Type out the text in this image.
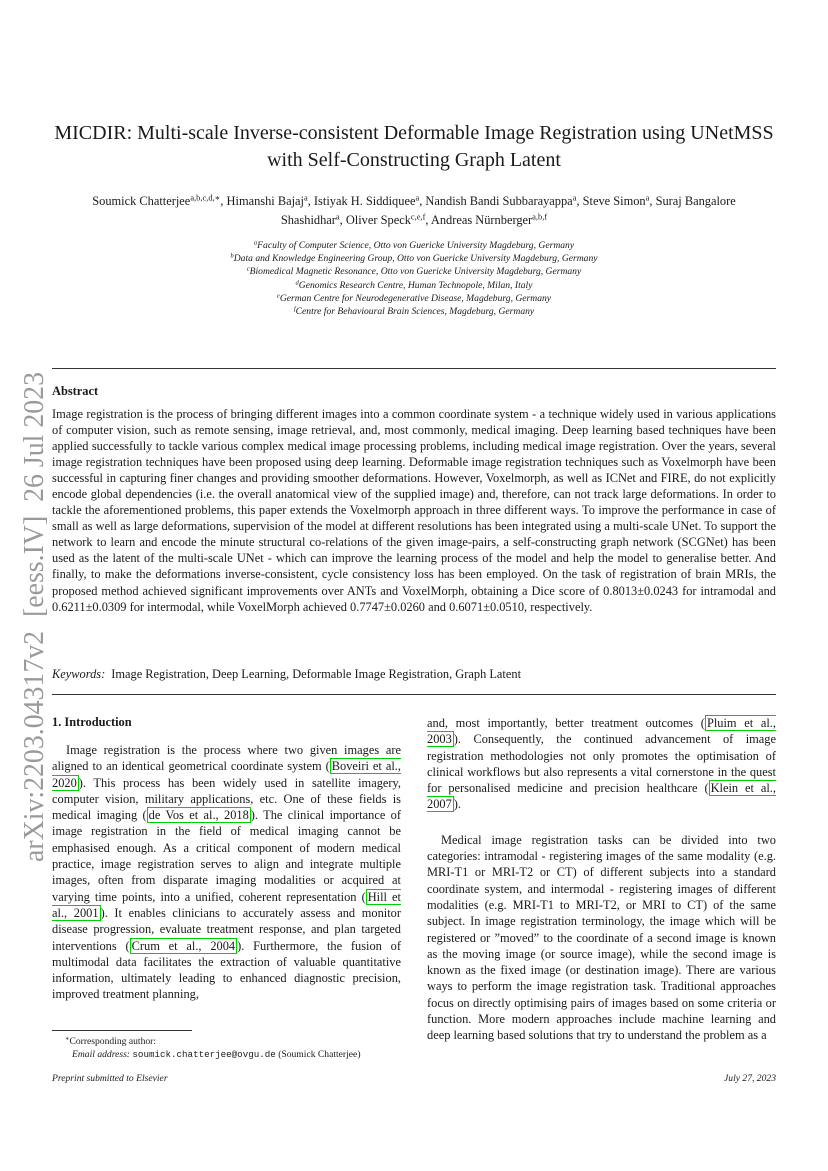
MICDIR: Multi-scale Inverse-consistent Deformable Image Registration using UNetMSS
with Self-Constructing Graph Latent
Soumick Chatterjee$^{a,b,c,d,∗}$, Himanshi Bajaj$^a$, Istiyak H. Siddiquee$^a$, Nandish Bandi Subbarayappa$^a$, Steve Simon$^a$, Suraj Bangalore
Shashidhar$^a$, Oliver Speck$^{c,e,f}$, Andreas Nürnberger$^{a,b,f}$
$^a$Faculty of Computer Science, Otto von Guericke University Magdeburg, Germany
$^b$Data and Knowledge Engineering Group, Otto von Guericke University Magdeburg, Germany
$^c$Biomedical Magnetic Resonance, Otto von Guericke University Magdeburg, Germany
$^d$Genomics Research Centre, Human Technopole, Milan, Italy
$^e$German Centre for Neurodegenerative Disease, Magdeburg, Germany
$^f$Centre for Behavioural Brain Sciences, Magdeburg, Germany
arXiv:2203.04317v2  [eess.IV]  26 Jul 2023 Abstract
Image registration is the process of bringing different images into a common coordinate system - a technique widely used in various applications of computer vision, such as remote sensing, image retrieval, and, most commonly, medical imaging. Deep learning based techniques have been applied successfully to tackle various complex medical image processing problems, including medical image registration. Over the years, several image registration techniques have been proposed using deep learning. Deformable image registration techniques such as Voxelmorph have been successful in capturing finer changes and providing smoother deformations. However, Voxelmorph, as well as ICNet and FIRE, do not explicitly encode global dependencies (i.e. the overall anatomical view of the supplied image) and, therefore, can not track large deformations. In order to tackle the aforementioned problems, this paper extends the Voxelmorph approach in three different ways. To improve the performance in case of small as well as large deformations, supervision of the model at different resolutions has been integrated using a multi-scale UNet. To support the network to learn and encode the minute structural co-relations of the given image-pairs, a self-constructing graph network (SCGNet) has been used as the latent of the multi-scale UNet - which can improve the learning process of the model and help the model to generalise better. And finally, to make the deformations inverse-consistent, cycle consistency loss has been employed. On the task of registration of brain MRIs, the proposed method achieved significant improvements over ANTs and VoxelMorph, obtaining a Dice score of 0.8013±0.0243 for intramodal and 0.6211±0.0309 for intermodal, while VoxelMorph achieved 0.7747±0.0260 and 0.6071±0.0510, respectively.
Keywords: Image Registration, Deep Learning, Deformable Image Registration, Graph Latent
1. Introduction

Image registration is the process where two given images are aligned to an identical geometrical coordinate system ( Boveiri et al., 2020 ). This process has been widely used in satellite imagery, computer vision, military applications, etc. One of these fields is medical imaging ( de Vos et al., 2018 ). The clinical importance of image registration in the field of medical imaging cannot be emphasised enough. As a critical component of modern medical practice, image registration serves to align and integrate multiple images, often from disparate imaging modalities or acquired at varying time points, into a unified, coherent representation ( Hill et al., 2001 ). It enables clinicians to accurately assess and monitor disease progression, evaluate treatment response, and plan targeted interventions ( Crum et al., 2004 ). Furthermore, the fusion of multimodal data facilitates the extraction of valuable quantitative information, ultimately leading to enhanced diagnostic precision, improved treatment planning,

and, most importantly, better treatment outcomes ( Pluim et al., 2003 ). Consequently, the continued advancement of image registration methodologies not only promotes the optimisation of clinical workflows but also represents a vital cornerstone in the quest for personalised medicine and precision healthcare ( Klein et al., 2007 ).

Medical image registration tasks can be divided into two categories: intramodal - registering images of the same modality (e.g. MRI-T1 or MRI-T2 or CT) of different subjects into a standard coordinate system, and intermodal - registering images of different modalities (e.g. MRI-T1 to MRI-T2, or MRI to CT) of the same subject. In image registration terminology, the image which will be registered or ”moved” to the coordinate of a second image is known as the moving image (or source image), while the second image is known as the fixed image (or destination image). There are various ways to perform the image registration task. Traditional approaches focus on directly optimising pairs of images based on some criteria or function. More modern approaches include machine learning and deep learning based solutions that try to understand the problem as a

∗Corresponding author:
Email address: soumick.chatterjee@ovgu.de (Soumick Chatterjee)
Preprint submitted to Elsevier	July 27, 2023
